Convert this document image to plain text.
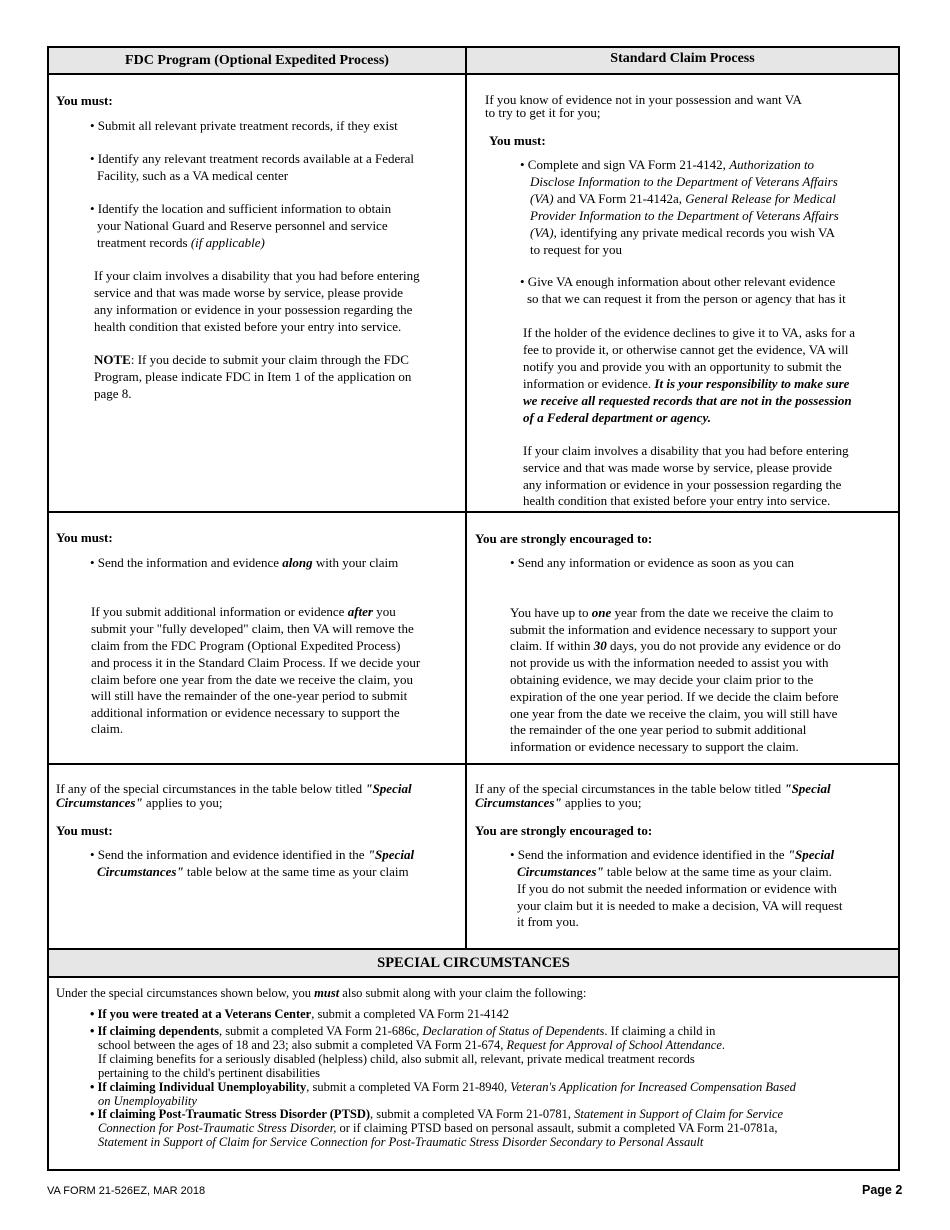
FDC Program (Optional Expedited Process)	Standard Claim Process
You must:
• Submit all relevant private treatment records, if they exist
• Identify any relevant treatment records available at a Federal
Facility, such as a VA medical center
• Identify the location and sufficient information to obtain
your National Guard and Reserve personnel and service
treatment records (if applicable)
If your claim involves a disability that you had before entering
service and that was made worse by service, please provide
any information or evidence in your possession regarding the
health condition that existed before your entry into service.
NOTE: If you decide to submit your claim through the FDC
Program, please indicate FDC in Item 1 of the application on
page 8.
If you know of evidence not in your possession and want VA
to try to get it for you;
You must:
• Complete and sign VA Form 21-4142, Authorization to
Disclose Information to the Department of Veterans Affairs
(VA) and VA Form 21-4142a, General Release for Medical
Provider Information to the Department of Veterans Affairs
(VA), identifying any private medical records you wish VA
to request for you
• Give VA enough information about other relevant evidence
so that we can request it from the person or agency that has it
If the holder of the evidence declines to give it to VA, asks for a
fee to provide it, or otherwise cannot get the evidence, VA will
notify you and provide you with an opportunity to submit the
information or evidence. It is your responsibility to make sure
we receive all requested records that are not in the possession
of a Federal department or agency.
If your claim involves a disability that you had before entering
service and that was made worse by service, please provide
any information or evidence in your possession regarding the
health condition that existed before your entry into service.
You must:
• Send the information and evidence along with your claim
If you submit additional information or evidence after you
submit your "fully developed" claim, then VA will remove the
claim from the FDC Program (Optional Expedited Process)
and process it in the Standard Claim Process. If we decide your
claim before one year from the date we receive the claim, you
will still have the remainder of the one-year period to submit
additional information or evidence necessary to support the
claim.
You are strongly encouraged to:
• Send any information or evidence as soon as you can
You have up to one year from the date we receive the claim to
submit the information and evidence necessary to support your
claim. If within 30 days, you do not provide any evidence or do
not provide us with the information needed to assist you with
obtaining evidence, we may decide your claim prior to the
expiration of the one year period. If we decide the claim before
one year from the date we receive the claim, you will still have
the remainder of the one year period to submit additional
information or evidence necessary to support the claim.
If any of the special circumstances in the table below titled "Special
Circumstances" applies to you;
You must:
• Send the information and evidence identified in the "Special
Circumstances" table below at the same time as your claim
If any of the special circumstances in the table below titled "Special
Circumstances" applies to you;
You are strongly encouraged to:
• Send the information and evidence identified in the "Special
Circumstances" table below at the same time as your claim.
If you do not submit the needed information or evidence with
your claim but it is needed to make a decision, VA will request
it from you.
SPECIAL CIRCUMSTANCES
Under the special circumstances shown below, you must also submit along with your claim the following:
• If you were treated at a Veterans Center, submit a completed VA Form 21-4142
• If claiming dependents, submit a completed VA Form 21-686c, Declaration of Status of Dependents. If claiming a child in
school between the ages of 18 and 23; also submit a completed VA Form 21-674, Request for Approval of School Attendance.
If claiming benefits for a seriously disabled (helpless) child, also submit all, relevant, private medical treatment records
pertaining to the child's pertinent disabilities
• If claiming Individual Unemployability, submit a completed VA Form 21-8940, Veteran's Application for Increased Compensation Based
on Unemployability
• If claiming Post-Traumatic Stress Disorder (PTSD), submit a completed VA Form 21-0781, Statement in Support of Claim for Service
Connection for Post-Traumatic Stress Disorder, or if claiming PTSD based on personal assault, submit a completed VA Form 21-0781a,
Statement in Support of Claim for Service Connection for Post-Traumatic Stress Disorder Secondary to Personal Assault
VA FORM 21-526EZ, MAR 2018	Page 2
